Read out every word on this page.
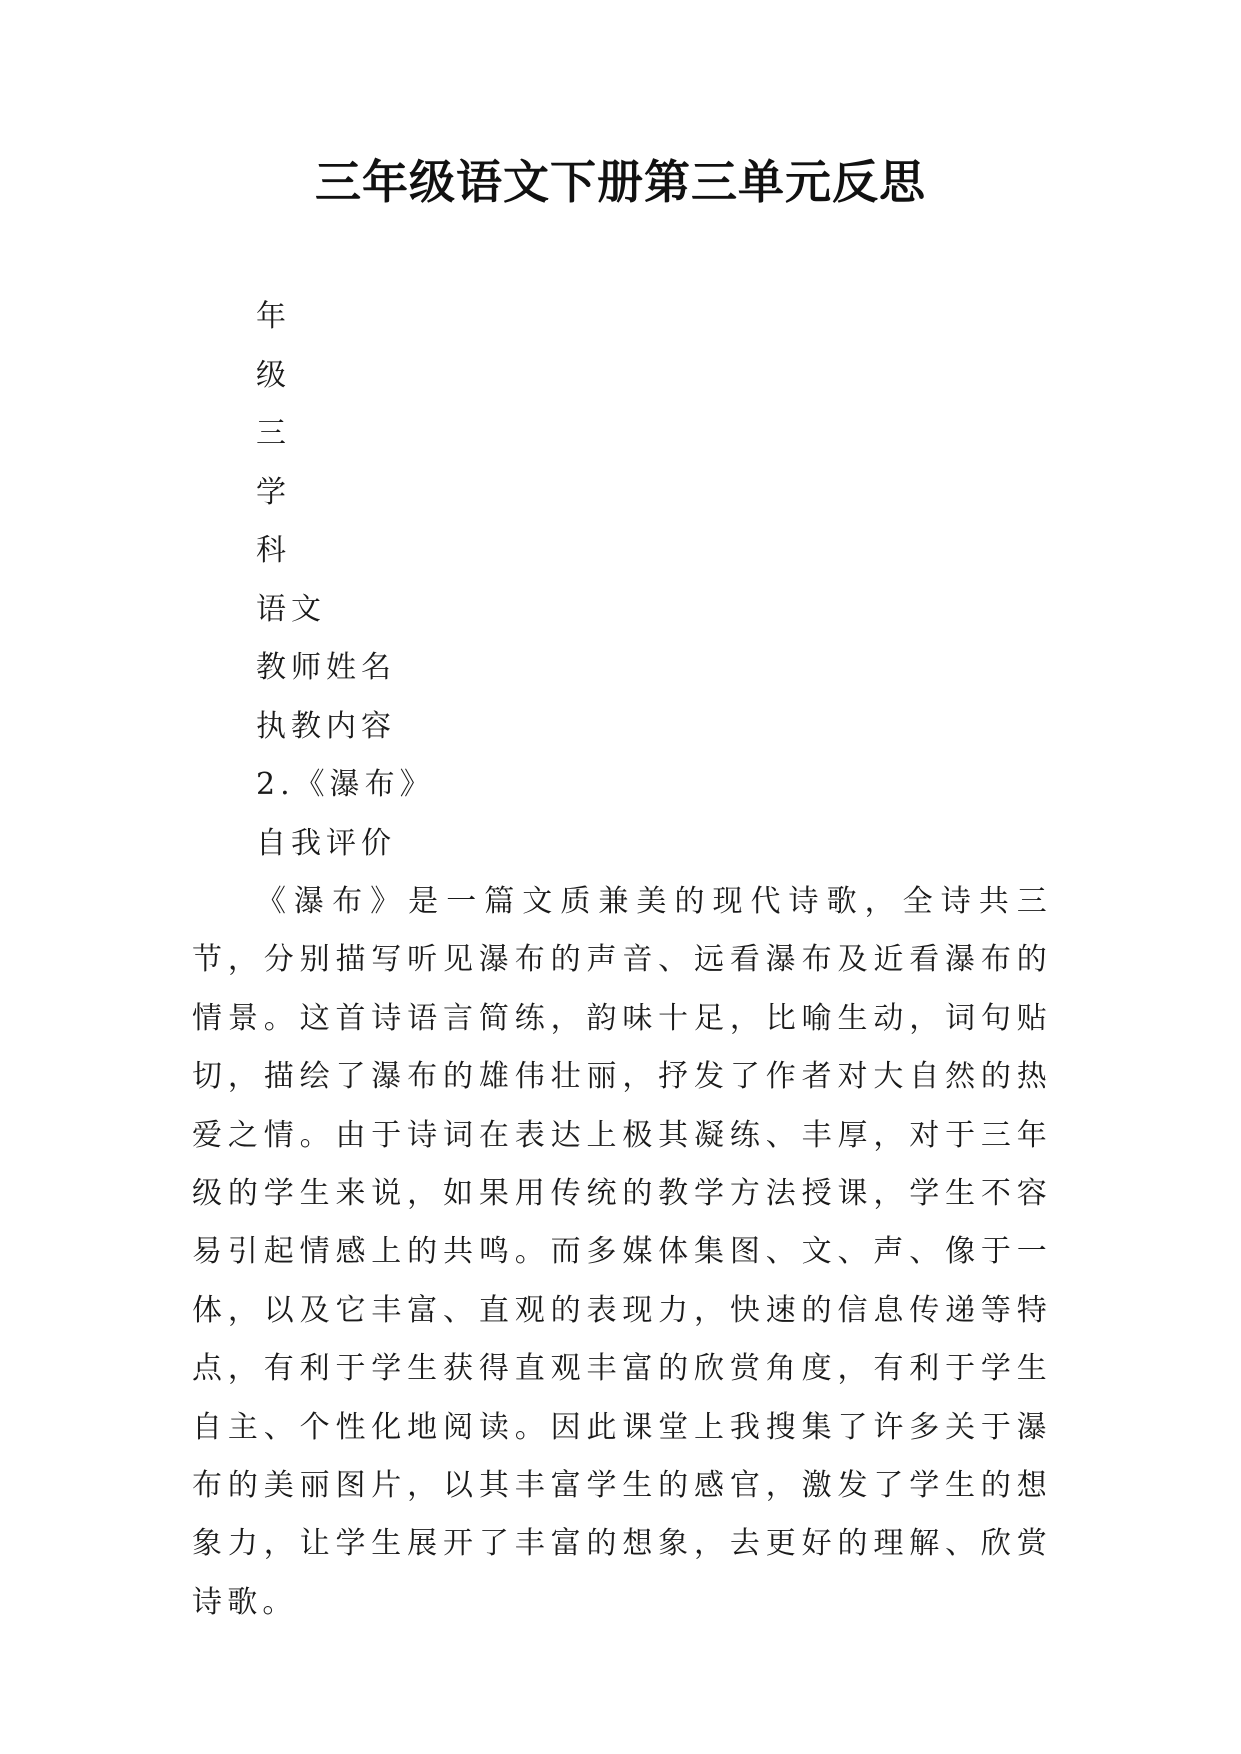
三年级语文下册第三单元反思
年
级
三
学
科
语文
教师姓名
执教内容
2.《瀑布》
自我评价

《瀑布》是一篇文质兼美的现代诗歌，全诗共三节，分别描写听见瀑布的声音、远看瀑布及近看瀑布的情景。这首诗语言简练，韵味十足，比喻生动，词句贴切，描绘了瀑布的雄伟壮丽，抒发了作者对大自然的热爱之情。由于诗词在表达上极其凝练、丰厚，对于三年级的学生来说，如果用传统的教学方法授课，学生不容易引起情感上的共鸣。而多媒体集图、文、声、像于一体，以及它丰富、直观的表现力，快速的信息传递等特点，有利于学生获得直观丰富的欣赏角度，有利于学生自主、个性化地阅读。因此课堂上我搜集了许多关于瀑布的美丽图片，以其丰富学生的感官，激发了学生的想象力，让学生展开了丰富的想象，去更好的理解、欣赏诗歌。
